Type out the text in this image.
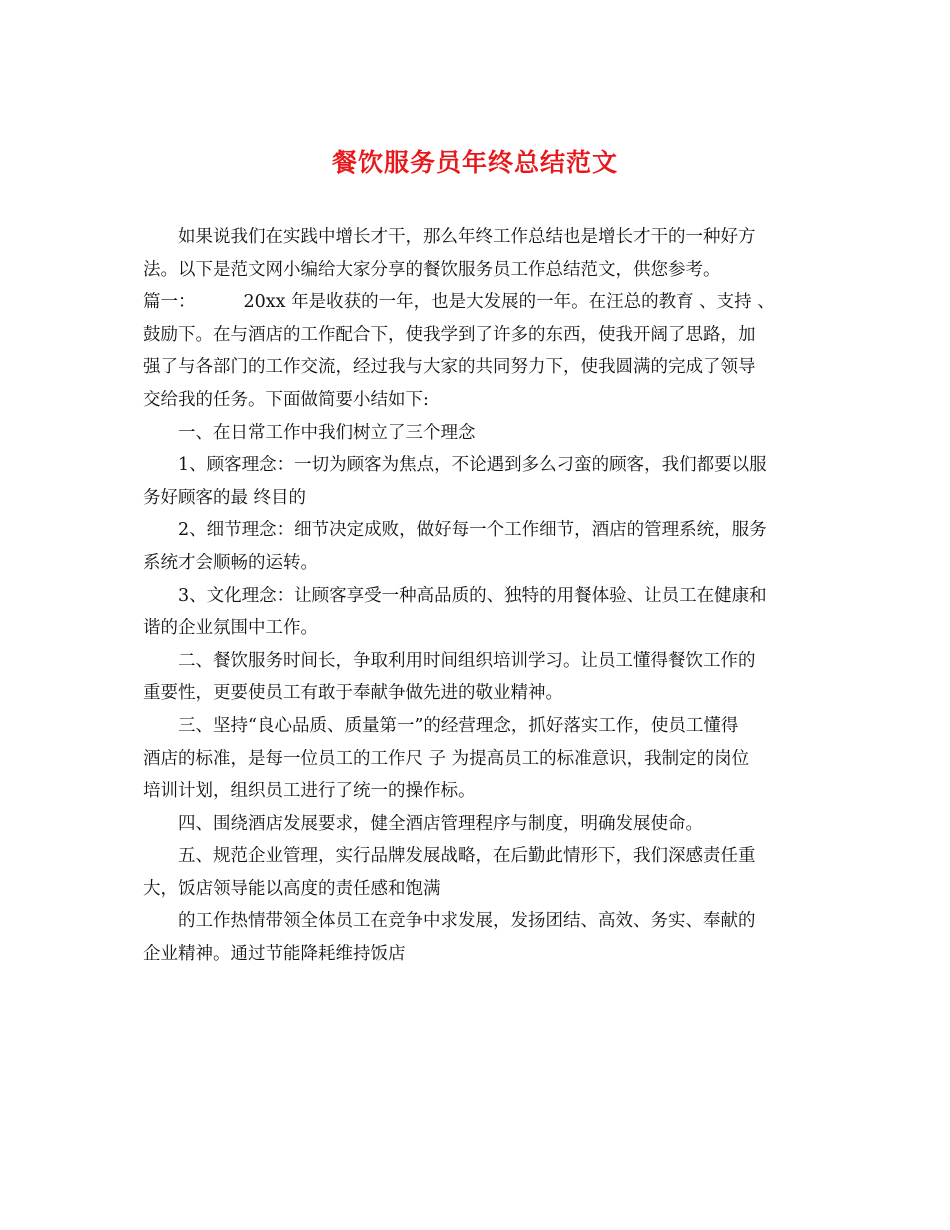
餐饮服务员年终总结范文
如果说我们在实践中增长才干，那么年终工作总结也是增长才干的一种好方
法。以下是范文网小编给大家分享的餐饮服务员工作总结范文，供您参考。
篇一：	20xx 年是收获的一年，也是大发展的一年。在汪总的教育 、支持 、
鼓励下。在与酒店的工作配合下，使我学到了许多的东西，使我开阔了思路，加
强了与各部门的工作交流，经过我与大家的共同努力下，使我圆满的完成了领导
交给我的任务。下面做简要小结如下:
一、在日常工作中我们树立了三个理念
1、顾客理念：一切为顾客为焦点，不论遇到多么刁蛮的顾客，我们都要以服
务好顾客的最 终目的
2、细节理念：细节决定成败，做好每一个工作细节，酒店的管理系统，服务
系统才会顺畅的运转。
3、文化理念：让顾客享受一种高品质的、独特的用餐体验、让员工在健康和
谐的企业氛围中工作。
二、餐饮服务时间长，争取利用时间组织培训学习。让员工懂得餐饮工作的
重要性，更要使员工有敢于奉献争做先进的敬业精神。
三、坚持“良心品质、质量第一”的经营理念，抓好落实工作，使员工懂得
酒店的标准，是每一位员工的工作尺 子 为提高员工的标准意识，我制定的岗位
培训计划，组织员工进行了统一的操作标。
四、围绕酒店发展要求，健全酒店管理程序与制度，明确发展使命。
五、规范企业管理，实行品牌发展战略，在后勤此情形下，我们深感责任重
大，饭店领导能以高度的责任感和饱满
的工作热情带领全体员工在竞争中求发展，发扬团结、高效、务实、奉献的
企业精神。通过节能降耗维持饭店
